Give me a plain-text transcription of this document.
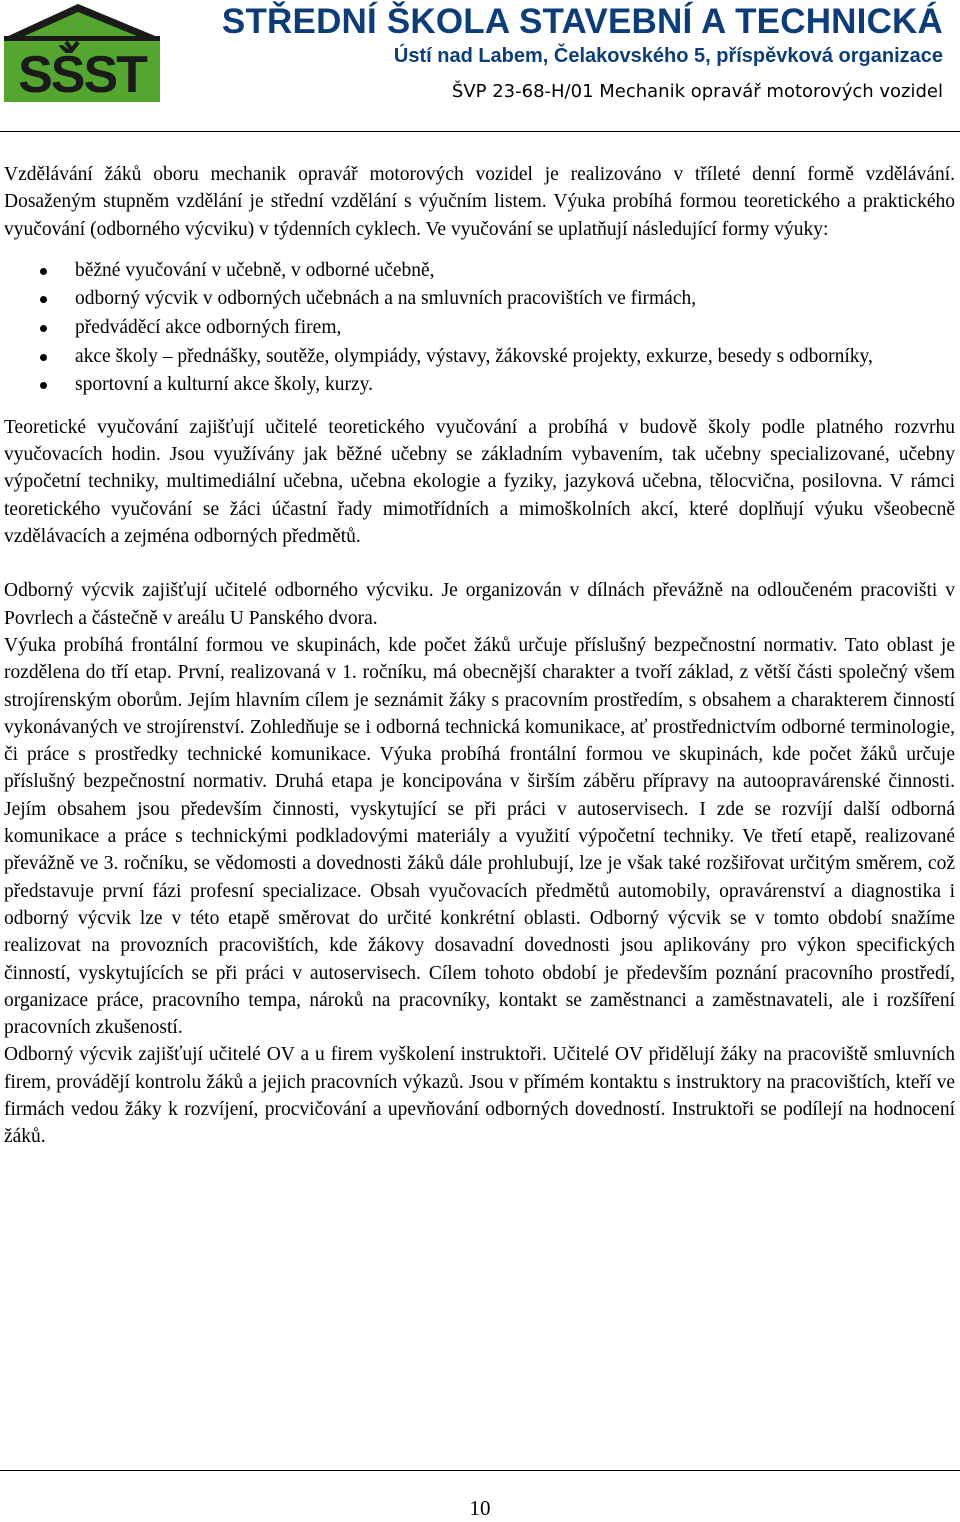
SŠST
STŘEDNÍ ŠKOLA STAVEBNÍ A TECHNICKÁ
Ústí nad Labem, Čelakovského 5, příspěvková organizace
ŠVP 23-68-H/01 Mechanik opravář motorových vozidel

Vzdělávání žáků oboru mechanik opravář motorových vozidel je realizováno v tříleté denní formě vzdělávání. Dosaženým stupněm vzdělání je střední vzdělání s výučním listem. Výuka probíhá formou teoretického a praktického vyučování (odborného výcviku) v týdenních cyklech. Ve vyučování se uplatňují následující formy výuky:

běžné vyučování v učebně, v odborné učebně,
odborný výcvik v odborných učebnách a na smluvních pracovištích ve firmách,
předváděcí akce odborných firem,
akce školy – přednášky, soutěže, olympiády, výstavy, žákovské projekty, exkurze, besedy s odborníky,
sportovní a kulturní akce školy, kurzy.

Teoretické vyučování zajišťují učitelé teoretického vyučování a probíhá v budově školy podle platného rozvrhu vyučovacích hodin. Jsou využívány jak běžné učebny se základním vybavením, tak učebny specializované, učebny výpočetní techniky, multimediální učebna, učebna ekologie a fyziky, jazyková učebna, tělocvična, posilovna. V rámci teoretického vyučování se žáci účastní řady mimotřídních a mimoškolních akcí, které doplňují výuku všeobecně vzdělávacích a zejména odborných předmětů.

Odborný výcvik zajišťují učitelé odborného výcviku. Je organizován v dílnách převážně na odloučeném pracovišti v Povrlech a částečně v areálu U Panského dvora.

Výuka probíhá frontální formou ve skupinách, kde počet žáků určuje příslušný bezpečnostní normativ. Tato oblast je rozdělena do tří etap. První, realizovaná v 1. ročníku, má obecnější charakter a tvoří základ, z větší části společný všem strojírenským oborům. Jejím hlavním cílem je seznámit žáky s pracovním prostředím, s obsahem a charakterem činností vykonávaných ve strojírenství. Zohledňuje se i odborná technická komunikace, ať prostřednictvím odborné terminologie, či práce s prostředky technické komunikace. Výuka probíhá frontální formou ve skupinách, kde počet žáků určuje příslušný bezpečnostní normativ. Druhá etapa je koncipována v širším záběru přípravy na autoopravárenské činnosti. Jejím obsahem jsou především činnosti, vyskytující se při práci v autoservisech. I zde se rozvíjí další odborná komunikace a práce s technickými podkladovými materiály a využití výpočetní techniky. Ve třetí etapě, realizované převážně ve 3. ročníku, se vědomosti a dovednosti žáků dále prohlubují, lze je však také rozšiřovat určitým směrem, což představuje první fázi profesní specializace. Obsah vyučovacích předmětů automobily, opravárenství a diagnostika i odborný výcvik lze v této etapě směrovat do určité konkrétní oblasti. Odborný výcvik se v tomto období snažíme realizovat na provozních pracovištích, kde žákovy dosavadní dovednosti jsou aplikovány pro výkon specifických činností, vyskytujících se při práci v autoservisech. Cílem tohoto období je především poznání pracovního prostředí, organizace práce, pracovního tempa, nároků na pracovníky, kontakt se zaměstnanci a zaměstnavateli, ale i rozšíření pracovních zkušeností.

Odborný výcvik zajišťují učitelé OV a u firem vyškolení instruktoři. Učitelé OV přidělují žáky na pracoviště smluvních firem, provádějí kontrolu žáků a jejich pracovních výkazů. Jsou v přímém kontaktu s instruktory na pracovištích, kteří ve firmách vedou žáky k rozvíjení, procvičování a upevňování odborných dovedností. Instruktoři se podílejí na hodnocení žáků.

10
